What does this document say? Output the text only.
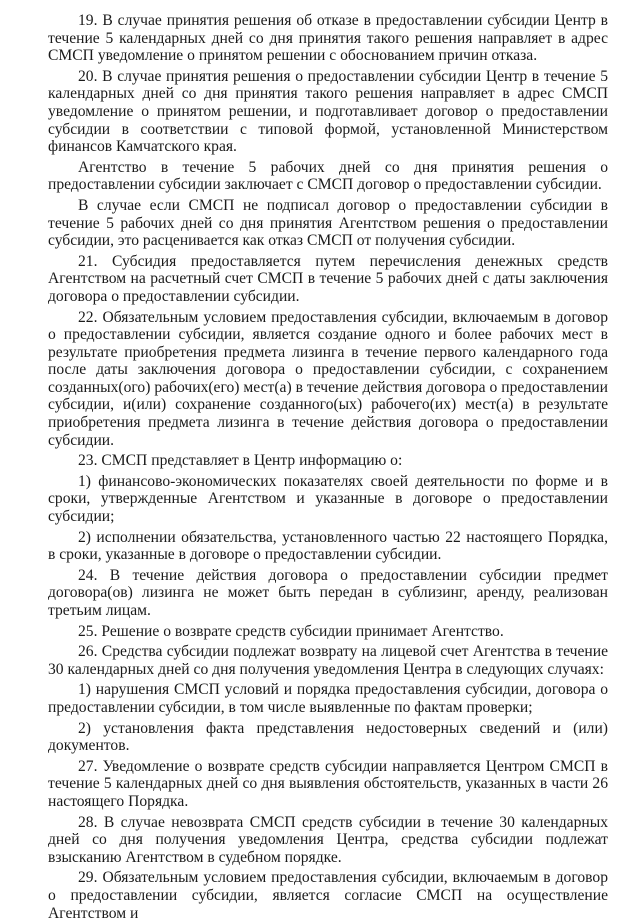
19. В случае принятия решения об отказе в предоставлении субсидии Центр в течение 5 календарных дней со дня принятия такого решения направляет в адрес СМСП уведомление о принятом решении с обоснованием причин отказа.

20. В случае принятия решения о предоставлении субсидии Центр в течение 5 календарных дней со дня принятия такого решения направляет в адрес СМСП уведомление о принятом решении, и подготавливает договор о предоставлении субсидии в соответствии с типовой формой, установленной Министерством финансов Камчатского края.

Агентство в течение 5 рабочих дней со дня принятия решения о предоставлении субсидии заключает с СМСП договор о предоставлении субсидии.

В случае если СМСП не подписал договор о предоставлении субсидии в течение 5 рабочих дней со дня принятия Агентством решения о предоставлении субсидии, это расценивается как отказ СМСП от получения субсидии.

21. Субсидия предоставляется путем перечисления денежных средств Агентством на расчетный счет СМСП в течение 5 рабочих дней с даты заключения договора о предоставлении субсидии.

22. Обязательным условием предоставления субсидии, включаемым в договор о предоставлении субсидии, является создание одного и более рабочих мест в результате приобретения предмета лизинга в течение первого календарного года после даты заключения договора о предоставлении субсидии, с сохранением созданных(ого) рабочих(его) мест(а) в течение действия договора о предоставлении субсидии, и(или) сохранение созданного(ых) рабочего(их) мест(а) в результате приобретения предмета лизинга в течение действия договора о предоставлении субсидии.

23. СМСП представляет в Центр информацию о:

1) финансово-экономических показателях своей деятельности по форме и в сроки, утвержденные Агентством и указанные в договоре о предоставлении субсидии;

2) исполнении обязательства, установленного частью 22 настоящего Порядка, в сроки, указанные в договоре о предоставлении субсидии.

24. В течение действия договора о предоставлении субсидии предмет договора(ов) лизинга не может быть передан в сублизинг, аренду, реализован третьим лицам.

25. Решение о возврате средств субсидии принимает Агентство.

26. Средства субсидии подлежат возврату на лицевой счет Агентства в течение 30 календарных дней со дня получения уведомления Центра в следующих случаях:

1) нарушения СМСП условий и порядка предоставления субсидии, договора о предоставлении субсидии, в том числе выявленные по фактам проверки;

2) установления факта представления недостоверных сведений и (или) документов.

27. Уведомление о возврате средств субсидии направляется Центром СМСП в течение 5 календарных дней со дня выявления обстоятельств, указанных в части 26 настоящего Порядка.

28. В случае невозврата СМСП средств субсидии в течение 30 календарных дней со дня получения уведомления Центра, средства субсидии подлежат взысканию Агентством в судебном порядке.

29. Обязательным условием предоставления субсидии, включаемым в договор о предоставлении субсидии, является согласие СМСП на осуществление Агентством и
